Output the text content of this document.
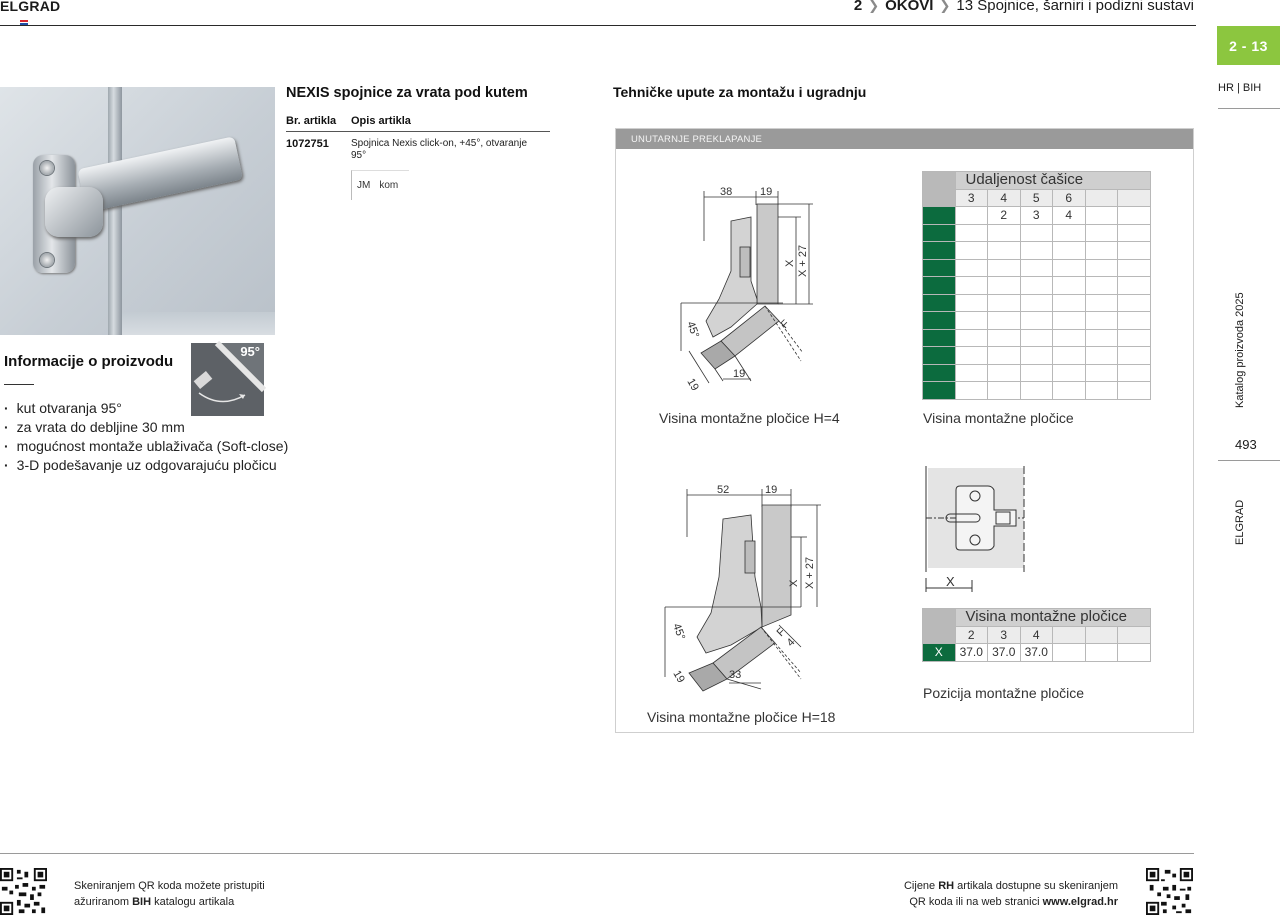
ELGRAD	2 ❯ OKOVI ❯ 13 Spojnice, šarniri i podizni sustavi
2 - 13
HR | BIH
Katalog proizvoda 2025
493
ELGRAD
95°
NEXIS spojnice za vrata pod kutem
Br. artikla Opis artikla
1072751 Spojnica Nexis click-on, +45°, otvaranje 95°
JM kom
Informacije o proizvodu
· kut otvaranja 95°
· za vrata do debljine 30 mm
· mogućnost montaže ublaživača (Soft-close)
· 3-D podešavanje uz odgovarajuću pločicu
Tehničke upute za montažu i ugradnju
UNUTARNJE PREKLAPANJE
38	19
X X + 27
45°	F
19
19
Visina montažne pločice H=4
	Udaljenost čašice					
	3	4	5	6		
		2	3	4		

Visina montažne pločice
52	19
X X + 27
45°	F
4
19	33
Visina montažne pločice H=18
X
	Visina montažne pločice					
	2	3	4			
X	37.0	37.0	37.0			
Pozicija montažne pločice
Skeniranjem QR koda možete pristupiti
ažuriranom BIH katalogu artikala
Cijene RH artikala dostupne su skeniranjem
QR koda ili na web stranici www.elgrad.hr
